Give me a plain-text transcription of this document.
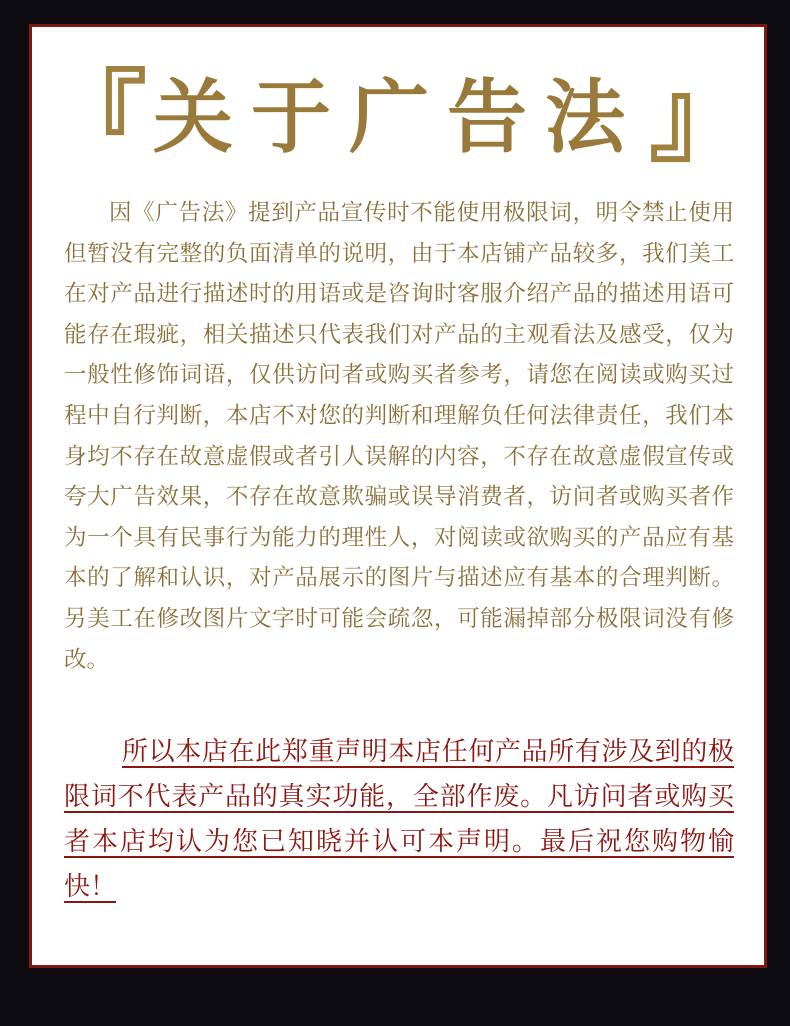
『 关于广告法 』

因《广告法》提到产品宣传时不能使用极限词，明令禁止使用但暂没有完整的负面清单的说明，由于本店铺产品较多，我们美工在对产品进行描述时的用语或是咨询时客服介绍产品的描述用语可能存在瑕疵，相关描述只代表我们对产品的主观看法及感受，仅为一般性修饰词语，仅供访问者或购买者参考，请您在阅读或购买过程中自行判断，本店不对您的判断和理解负任何法律责任，我们本身均不存在故意虚假或者引人误解的内容，不存在故意虚假宣传或夸大广告效果，不存在故意欺骗或误导消费者，访问者或购买者作为一个具有民事行为能力的理性人，对阅读或欲购买的产品应有基本的了解和认识，对产品展示的图片与描述应有基本的合理判断。另美工在修改图片文字时可能会疏忽，可能漏掉部分极限词没有修改。

所以本店在此郑重声明本店任何产品所有涉及到的极限词不代表产品的真实功能，全部作废。凡访问者或购买者本店均认为您已知晓并认可本声明。最后祝您购物愉快！
